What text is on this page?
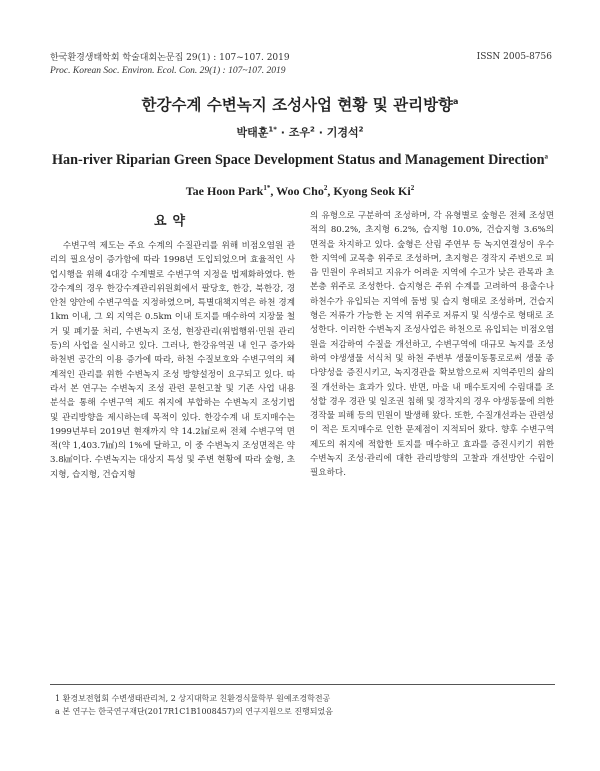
한국환경생태학회 학술대회논문집 29(1) : 107~107. 2019
Proc. Korean Soc. Environ. Ecol. Con. 29(1) : 107~107. 2019
ISSN 2005-8756
한강수계 수변녹지 조성사업 현황 및 관리방향$^a$
박태훈$^{1*}$ · 조우$^2$ · 기경석$^2$
Han-river Riparian Green Space Development Status and Management Direction$^a$
Tae Hoon Park$^{1*}$, Woo Cho$^2$, Kyong Seok Ki$^2$
요약
수변구역 제도는 주요 수계의 수질관리를 위해 비점오염원 관리의 필요성이 증가함에 따라 1998년 도입되었으며 효율적인 사업시행을 위해 4대강 수계별로 수변구역 지정을 법제화하였다. 한강수계의 경우 한강수계관리위원회에서 팔당호, 한강, 북한강, 경안천 양안에 수변구역을 지정하였으며, 특별대책지역은 하천 경계 1km 이내, 그 외 지역은 0.5km 이내 토지를 매수하여 지장물 철거 및 폐기물 처리, 수변녹지 조성, 현장관리(위법행위·민원 관리 등)의 사업을 실시하고 있다. 그러나, 한강유역권 내 인구 증가와 하천변 공간의 이용 증가에 따라, 하천 수질보호와 수변구역의 체계적인 관리를 위한 수변녹지 조성 방향설정이 요구되고 있다. 따라서 본 연구는 수변녹지 조성 관련 문헌고찰 및 기존 사업 내용 분석을 통해 수변구역 제도 취지에 부합하는 수변녹지 조성기법 및 관리방향을 제시하는데 목적이 있다. 한강수계 내 토지매수는 1999년부터 2019년 현재까지 약 14.2㎢로써 전체 수변구역 면적(약 1,403.7㎢)의 1%에 달하고, 이 중 수변녹지 조성면적은 약 3.8㎢이다. 수변녹지는 대상지 특성 및 주변 현황에 따라 숲형, 초지형, 습지형, 건습지형
의 유형으로 구분하여 조성하며, 각 유형별로 숲형은 전체 조성면적의 80.2%, 초지형 6.2%, 습지형 10.0%, 건습지형 3.6%의 면적을 차지하고 있다. 숲형은 산림 주연부 등 녹지연결성이 우수한 지역에 교목층 위주로 조성하며, 초지형은 경작지 주변으로 피음 민원이 우려되고 지유가 어려운 지역에 수고가 낮은 관목과 초본층 위주로 조성한다. 습지형은 주위 수계를 고려하여 용출수나 하천수가 유입되는 지역에 둠벙 및 습지 형태로 조성하며, 건습지형은 저류가 가능한 논 지역 위주로 저류지 및 식생수로 형태로 조성한다. 이러한 수변녹지 조성사업은 하천으로 유입되는 비점오염원을 저감하여 수질을 개선하고, 수변구역에 대규모 녹지를 조성하여 야생생물 서식처 및 하천 주변부 생물이동통로로써 생물 종다양성을 증진시키고, 녹지경관을 확보함으로써 지역주민의 삶의 질 개선하는 효과가 있다. 반면, 마을 내 매수토지에 수림대를 조성할 경우 경관 및 일조권 침해 및 경작지의 경우 야생동물에 의한 경작물 피해 등의 민원이 발생해 왔다. 또한, 수질개선과는 관련성이 적은 토지매수로 인한 문제점이 지적되어 왔다. 향후 수변구역 제도의 취지에 적합한 토지를 매수하고 효과를 증진시키기 위한 수변녹지 조성·관리에 대한 관리방향의 고찰과 개선방안 수립이 필요하다.
1 환경보전협회 수변생태관리처, 2 상지대학교 친환경식물학부 원예조경학전공
a 본 연구는 한국연구재단(2017R1C1B1008457)의 연구지원으로 진행되었음
